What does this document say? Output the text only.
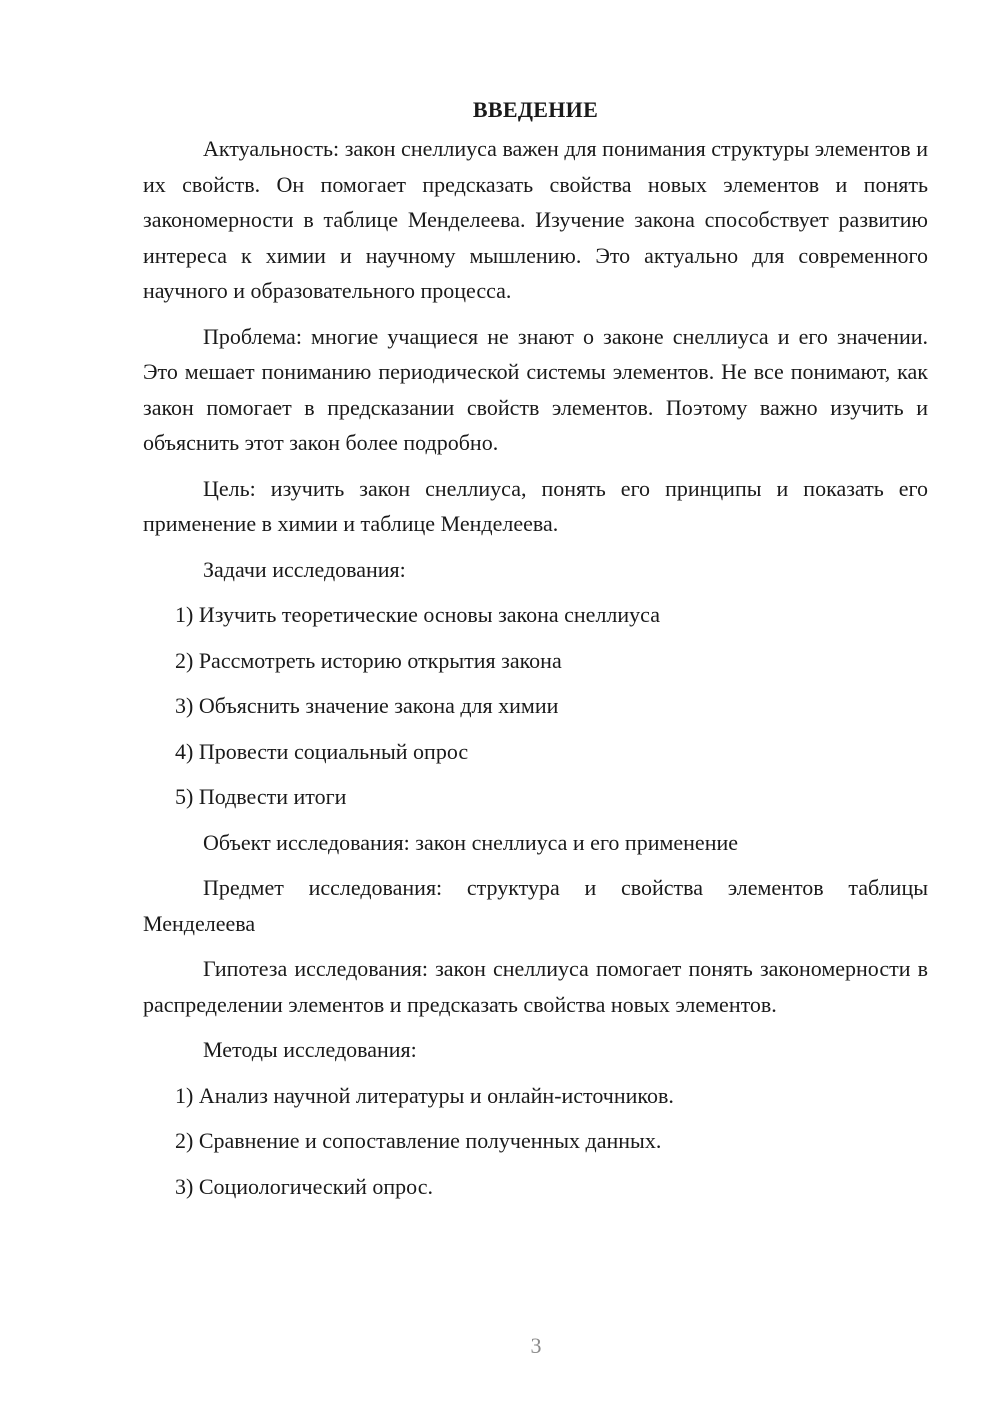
ВВЕДЕНИЕ

Актуальность: закон снеллиуса важен для понимания структуры элементов и их свойств. Он помогает предсказать свойства новых элементов и понять закономерности в таблице Менделеева. Изучение закона способствует развитию интереса к химии и научному мышлению. Это актуально для современного научного и образовательного процесса.

Проблема: многие учащиеся не знают о законе снеллиуса и его значении. Это мешает пониманию периодической системы элементов. Не все понимают, как закон помогает в предсказании свойств элементов. Поэтому важно изучить и объяснить этот закон более подробно.

Цель: изучить закон снеллиуса, понять его принципы и показать его применение в химии и таблице Менделеева.

Задачи исследования:
1) Изучить теоретические основы закона снеллиуса
2) Рассмотреть историю открытия закона
3) Объяснить значение закона для химии
4) Провести социальный опрос
5) Подвести итоги
Объект исследования: закон снеллиуса и его применение

Предмет исследования: структура и свойства элементов таблицы Менделеева

Гипотеза исследования: закон снеллиуса помогает понять закономерности в распределении элементов и предсказать свойства новых элементов.

Методы исследования:
1) Анализ научной литературы и онлайн-источников.
2) Сравнение и сопоставление полученных данных.
3) Социологический опрос.
3
